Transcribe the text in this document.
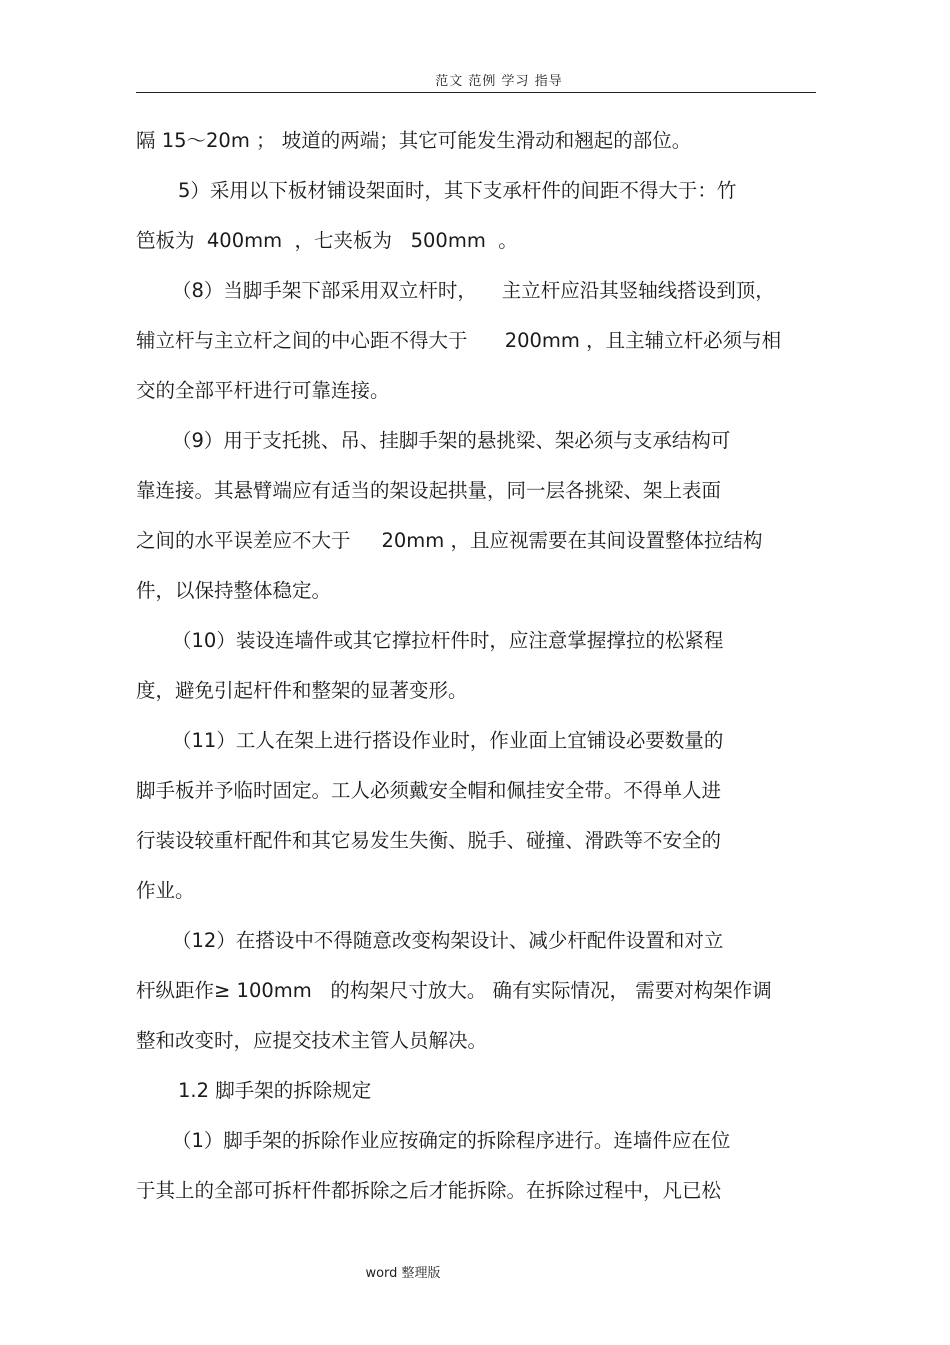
范文 范例 学习 指导
隔 15～20m ； 坡道的两端；其它可能发生滑动和翘起的部位。
5）采用以下板材铺设架面时，其下支承杆件的间距不得大于：竹
笆板为  400mm  ，七夹板为   500mm  。
（8）当脚手架下部采用双立杆时，    主立杆应沿其竖轴线搭设到顶，
辅立杆与主立杆之间的中心距不得大于      200mm ，且主辅立杆必须与相
交的全部平杆进行可靠连接。
（9）用于支托挑、吊、挂脚手架的悬挑梁、架必须与支承结构可
靠连接。其悬臂端应有适当的架设起拱量，同一层各挑梁、架上表面
之间的水平误差应不大于     20mm ，且应视需要在其间设置整体拉结构
件，以保持整体稳定。
（10）装设连墙件或其它撑拉杆件时，应注意掌握撑拉的松紧程
度，避免引起杆件和整架的显著变形。
（11）工人在架上进行搭设作业时，作业面上宜铺设必要数量的
脚手板并予临时固定。工人必须戴安全帽和佩挂安全带。不得单人进
行装设较重杆配件和其它易发生失衡、脱手、碰撞、滑跌等不安全的
作业。
（12）在搭设中不得随意改变构架设计、减少杆配件设置和对立
杆纵距作≥ 100mm   的构架尺寸放大。 确有实际情况， 需要对构架作调
整和改变时，应提交技术主管人员解决。
1.2 脚手架的拆除规定
（1）脚手架的拆除作业应按确定的拆除程序进行。连墙件应在位
于其上的全部可拆杆件都拆除之后才能拆除。在拆除过程中，凡已松
word 整理版
